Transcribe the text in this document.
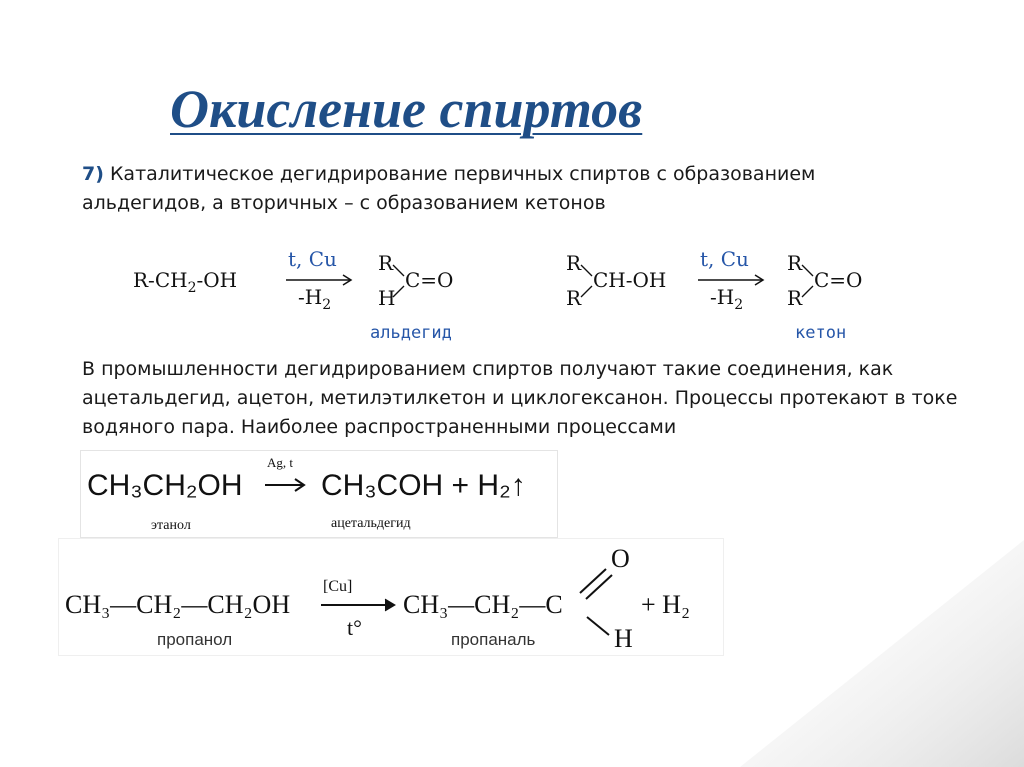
Окисление спиртов
7) Каталитическое дегидрирование первичных спиртов с образованием альдегидов, а вторичных – с образованием кетонов
$R-CH_2-OH$
t, Cu
$-H_2$
R
H
C=O
альдегид
R
R
CH-OH
t, Cu
$-H_2$
R
R
C=O
кетон
В промышленности дегидрированием спиртов получают такие соединения, как ацетальдегид, ацетон, метилэтилкетон и циклогексанон. Процессы протекают в токе водяного пара. Наиболее распространенными процессами
CH₃CH₂OH
Ag, t
CH₃COH + H₂↑
этанол	ацетальдегид
CH₃—CH₂—CH₂OH
[Cu]
t°
CH₃—CH₂—C
O
H
+ H₂
пропанол	пропаналь
